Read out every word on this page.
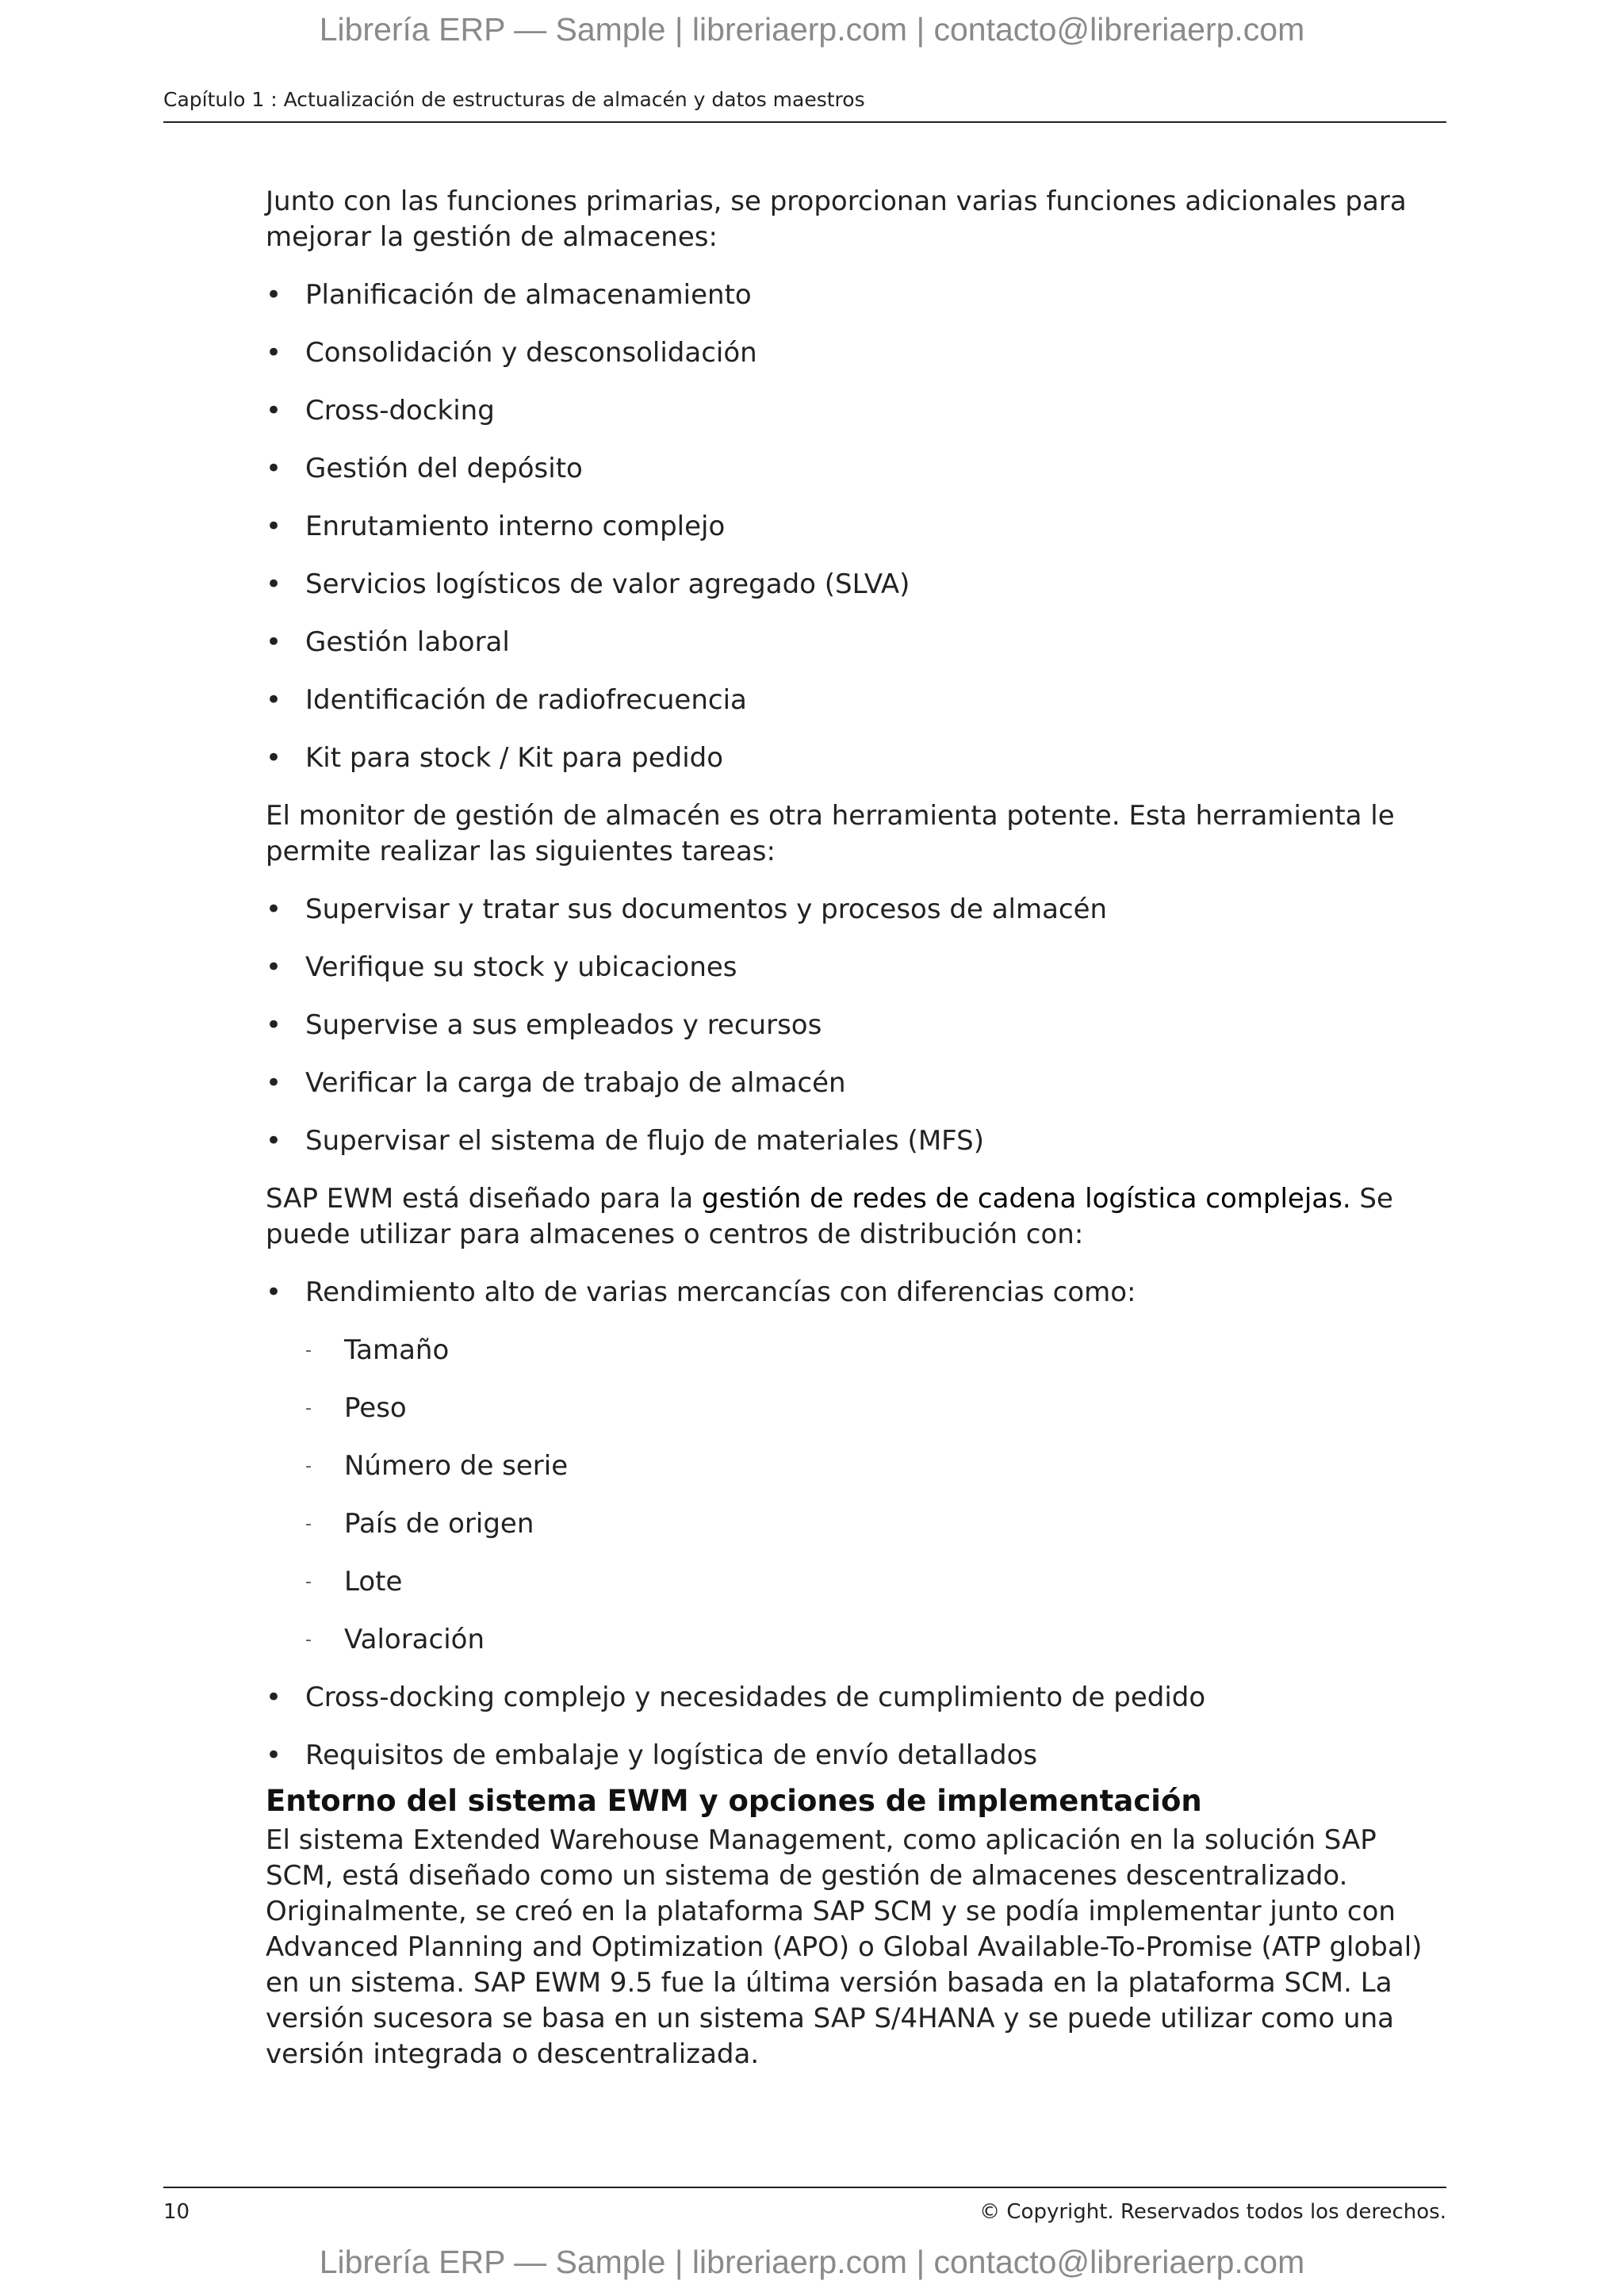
Librería ERP — Sample | libreriaerp.com | contacto@libreriaerp.com
Capítulo 1 : Actualización de estructuras de almacén y datos maestros

Junto con las funciones primarias, se proporcionan varias funciones adicionales para mejorar la gestión de almacenes:

• Planificación de almacenamiento
• Consolidación y desconsolidación
• Cross-docking
• Gestión del depósito
• Enrutamiento interno complejo
• Servicios logísticos de valor agregado (SLVA)
• Gestión laboral
• Identificación de radiofrecuencia
• Kit para stock / Kit para pedido

El monitor de gestión de almacén es otra herramienta potente. Esta herramienta le permite realizar las siguientes tareas:

• Supervisar y tratar sus documentos y procesos de almacén
• Verifique su stock y ubicaciones
• Supervise a sus empleados y recursos
• Verificar la carga de trabajo de almacén
• Supervisar el sistema de flujo de materiales (MFS)

SAP EWM está diseñado para la gestión de redes de cadena logística complejas. Se puede utilizar para almacenes o centros de distribución con:

• Rendimiento alto de varias mercancías con diferencias como:
- Tamaño
- Peso
- Número de serie
- País de origen
- Lote
- Valoración
• Cross-docking complejo y necesidades de cumplimiento de pedido
• Requisitos de embalaje y logística de envío detallados
Entorno del sistema EWM y opciones de implementación

El sistema Extended Warehouse Management, como aplicación en la solución SAP SCM, está diseñado como un sistema de gestión de almacenes descentralizado. Originalmente, se creó en la plataforma SAP SCM y se podía implementar junto con Advanced Planning and Optimization (APO) o Global Available-To-Promise (ATP global) en un sistema. SAP EWM 9.5 fue la última versión basada en la plataforma SCM. La versión sucesora se basa en un sistema SAP S/4HANA y se puede utilizar como una versión integrada o descentralizada.

10	© Copyright. Reservados todos los derechos.
Librería ERP — Sample | libreriaerp.com | contacto@libreriaerp.com
